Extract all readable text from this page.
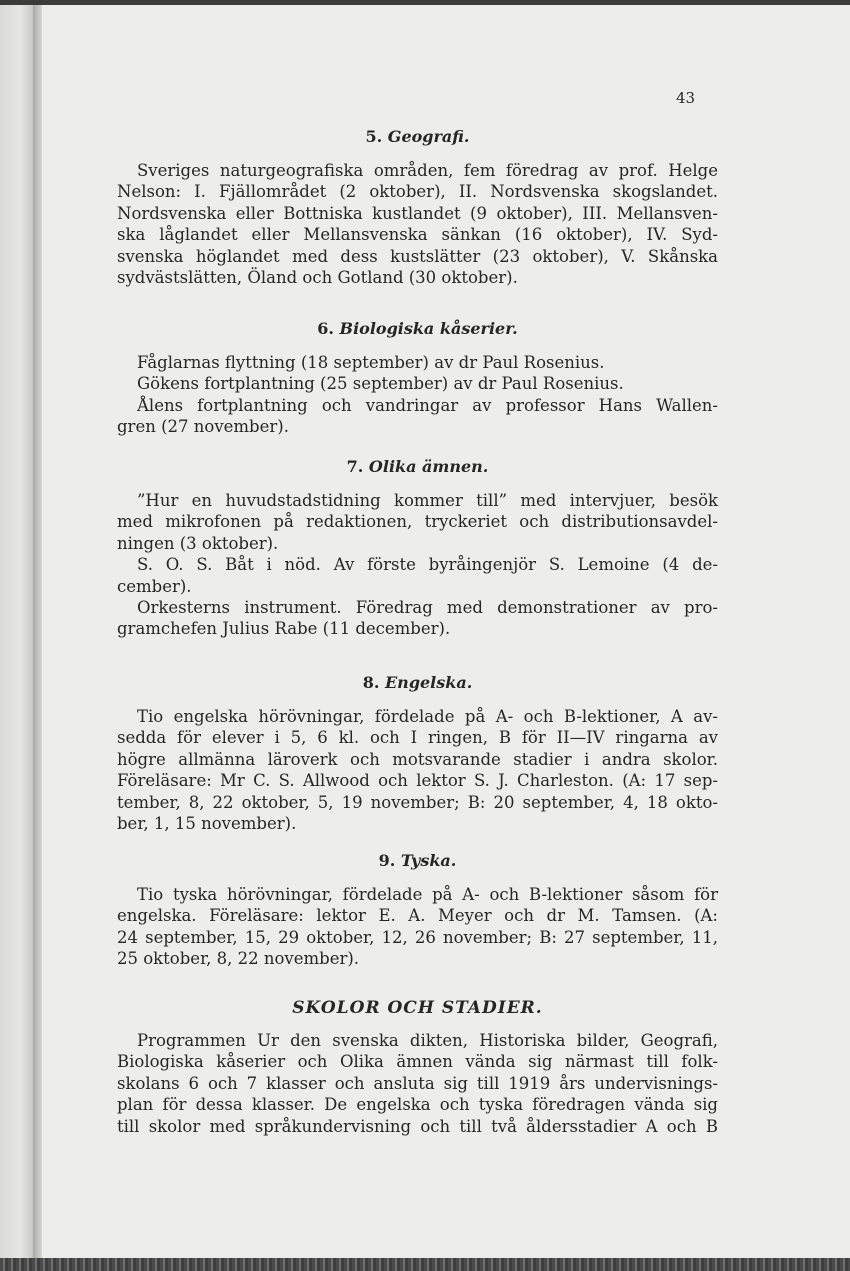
43
5. Geografi.

Sveriges naturgeografiska områden, fem föredrag av prof. Helge
Nelson: I. Fjällområdet (2 oktober), II. Nordsvenska skogslandet.
Nordsvenska eller Bottniska kustlandet (9 oktober), III. Mellansven-
ska låglandet eller Mellansvenska sänkan (16 oktober), IV. Syd-
svenska höglandet med dess kustslätter (23 oktober), V. Skånska
sydvästslätten, Öland och Gotland (30 oktober).

6. Biologiska kåserier.

Fåglarnas flyttning (18 september) av dr Paul Rosenius.
Gökens fortplantning (25 september) av dr Paul Rosenius.
Ålens fortplantning och vandringar av professor Hans Wallen-
gren (27 november).

7. Olika ämnen.

”Hur en huvudstadstidning kommer till” med intervjuer, besök
med mikrofonen på redaktionen, tryckeriet och distributionsavdel-
ningen (3 oktober).
S. O. S. Båt i nöd. Av förste byråingenjör S. Lemoine (4 de-
cember).
Orkesterns instrument. Föredrag med demonstrationer av pro-
gramchefen Julius Rabe (11 december).

8. Engelska.

Tio engelska hörövningar, fördelade på A- och B-lektioner, A av-
sedda för elever i 5, 6 kl. och I ringen, B för II—IV ringarna av
högre allmänna läroverk och motsvarande stadier i andra skolor.
Föreläsare: Mr C. S. Allwood och lektor S. J. Charleston. (A: 17 sep-
tember, 8, 22 oktober, 5, 19 november; B: 20 september, 4, 18 okto-
ber, 1, 15 november).

9. Tyska.

Tio tyska hörövningar, fördelade på A- och B-lektioner såsom för
engelska. Föreläsare: lektor E. A. Meyer och dr M. Tamsen. (A:
24 september, 15, 29 oktober, 12, 26 november; B: 27 september, 11,
25 oktober, 8, 22 november).

SKOLOR OCH STADIER.

Programmen Ur den svenska dikten, Historiska bilder, Geografi,
Biologiska kåserier och Olika ämnen vända sig närmast till folk-
skolans 6 och 7 klasser och ansluta sig till 1919 års undervisnings-
plan för dessa klasser. De engelska och tyska föredragen vända sig
till skolor med språkundervisning och till två åldersstadier A och B
